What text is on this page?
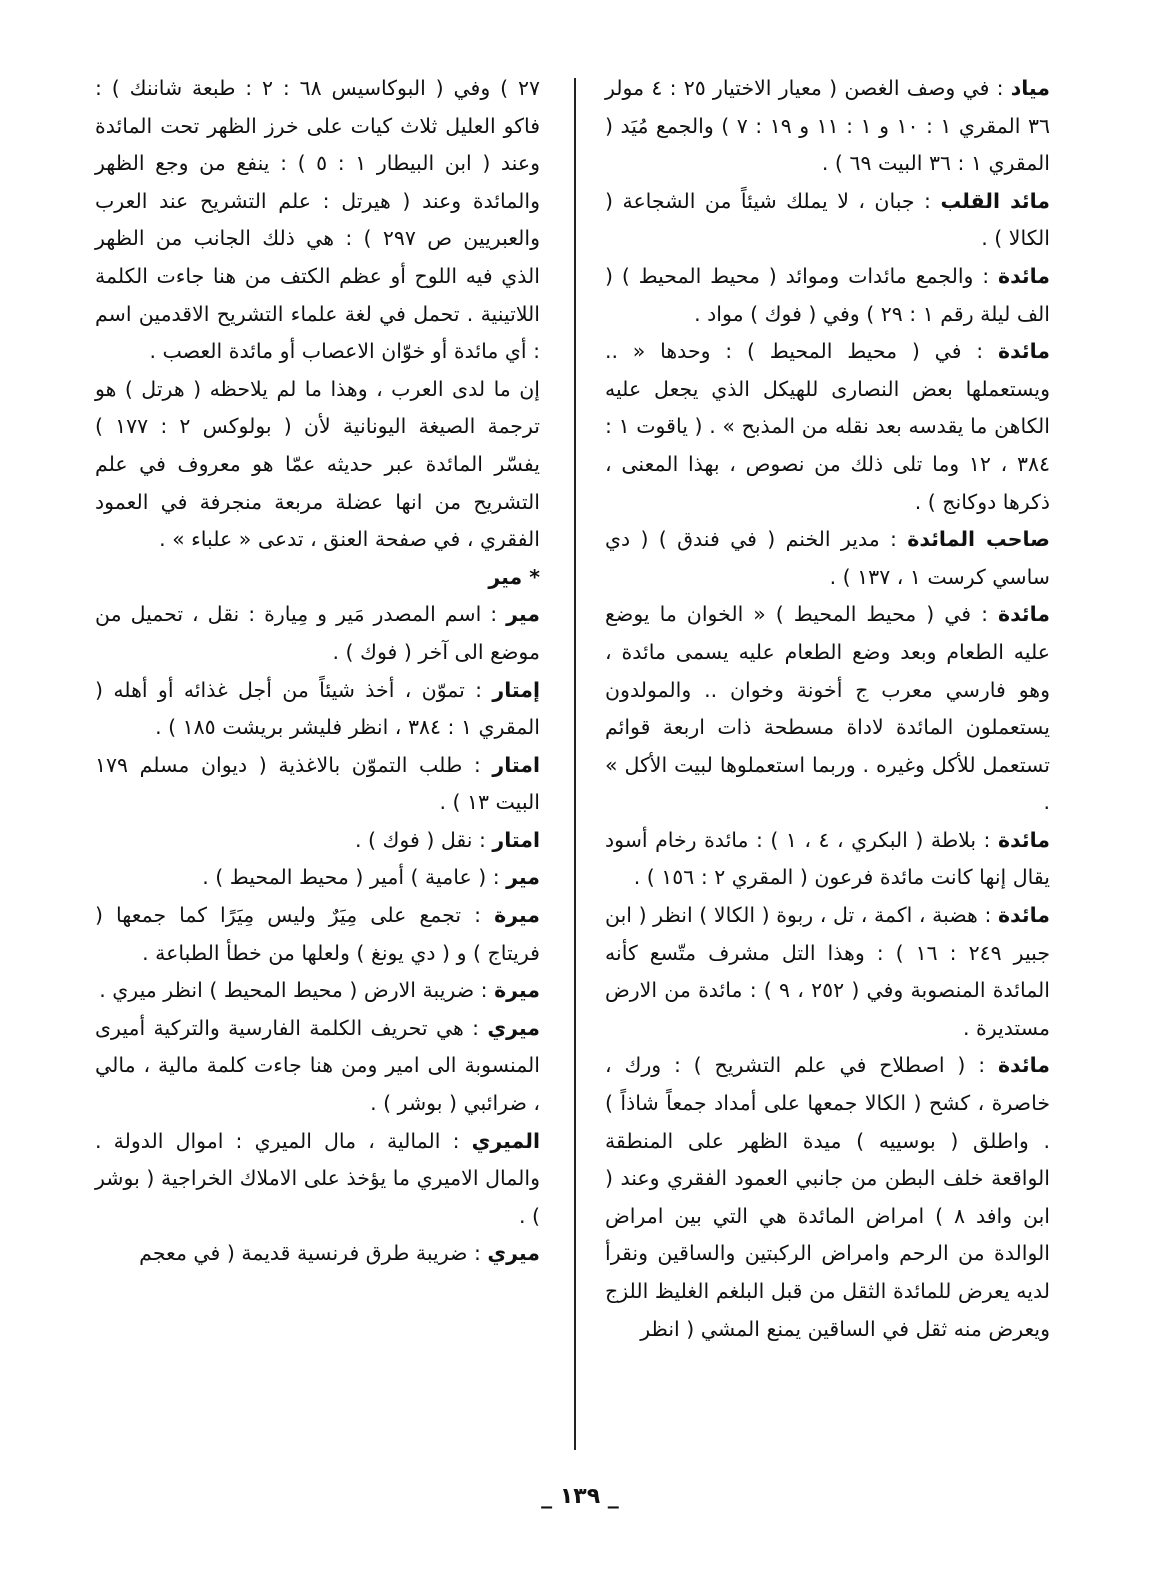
مياد : في وصف الغصن ( معيار الاختيار ٢٥ : ٤ مولر ٣٦ المقري ١ : ١٠ و ١ : ١١ و ١٩ : ٧ ) والجمع مُيَد ( المقري ١ : ٣٦ البيت ٦٩ ) .

مائد القلب : جبان ، لا يملك شيئاً من الشجاعة ( الكالا ) .

مائدة : والجمع مائدات وموائد ( محيط المحيط ) ( الف ليلة رقم ١ : ٢٩ ) وفي ( فوك ) مواد .

مائدة : في ( محيط المحيط ) : وحدها « .. ويستعملها بعض النصارى للهيكل الذي يجعل عليه الكاهن ما يقدسه بعد نقله من المذبح » . ( ياقوت ١ : ٣٨٤ ، ١٢ وما تلى ذلك من نصوص ، بهذا المعنى ، ذكرها دوكانج ) .

صاحب المائدة : مدير الخنم ( في فندق ) ( دي ساسي كرست ١ ، ١٣٧ ) .

مائدة : في ( محيط المحيط ) « الخوان ما يوضع عليه الطعام وبعد وضع الطعام عليه يسمى مائدة ، وهو فارسي معرب ج أخونة وخوان .. والمولدون يستعملون المائدة لاداة مسطحة ذات اربعة قوائم تستعمل للأكل وغيره . وربما استعملوها لبيت الأكل » .

مائدة : بلاطة ( البكري ، ٤ ، ١ ) : مائدة رخام أسود يقال إنها كانت مائدة فرعون ( المقري ٢ : ١٥٦ ) .

مائدة : هضبة ، اكمة ، تل ، ربوة ( الكالا ) انظر ( ابن جبير ٢٤٩ : ١٦ ) : وهذا التل مشرف متّسع كأنه المائدة المنصوبة وفي ( ٢٥٢ ، ٩ ) : مائدة من الارض مستديرة .

مائدة : ( اصطلاح في علم التشريح ) : ورك ، خاصرة ، كشح ( الكالا جمعها على أمداد جمعاً شاذاً ) . واطلق ( بوسييه ) ميدة الظهر على المنطقة الواقعة خلف البطن من جانبي العمود الفقري وعند ( ابن وافد ٨ ) امراض المائدة هي التي بين امراض الوالدة من الرحم وامراض الركبتين والساقين ونقرأ لديه يعرض للمائدة الثقل من قبل البلغم الغليظ اللزج ويعرض منه ثقل في الساقين يمنع المشي ( انظر

٢٧ ) وفي ( البوكاسيس ٦٨ : ٢ : طبعة شاننك ) : فاكو العليل ثلاث كيات على خرز الظهر تحت المائدة وعند ( ابن البيطار ١ : ٥ ) : ينفع من وجع الظهر والمائدة وعند ( هيرتل : علم التشريح عند العرب والعبريين ص ٢٩٧ ) : هي ذلك الجانب من الظهر الذي فيه اللوح أو عظم الكتف من هنا جاءت الكلمة اللاتينية . تحمل في لغة علماء التشريح الاقدمين اسم : أي مائدة أو خوّان الاعصاب أو مائدة العصب .

إن ما لدى العرب ، وهذا ما لم يلاحظه ( هرتل ) هو ترجمة الصيغة اليونانية لأن ( بولوكس ٢ : ١٧٧ ) يفسّر المائدة عبر حديثه عمّا هو معروف في علم التشريح من انها عضلة مربعة منجرفة في العمود الفقري ، في صفحة العنق ، تدعى « علباء » .

* مير

مير : اسم المصدر مَير و مِيارة : نقل ، تحميل من موضع الى آخر ( فوك ) .

إمتار : تموّن ، أخذ شيئاً من أجل غذائه أو أهله ( المقري ١ : ٣٨٤ ، انظر فليشر بريشت ١٨٥ ) .

امتار : طلب التموّن بالاغذية ( ديوان مسلم ١٧٩ البيت ١٣ ) .

امتار : نقل ( فوك ) .

مير : ( عامية ) أمير ( محيط المحيط ) .

ميرة : تجمع على مِيَرٌ وليس مِيَرًا كما جمعها ( فريتاج ) و ( دي يونغ ) ولعلها من خطأ الطباعة .

ميرة : ضريبة الارض ( محيط المحيط ) انظر ميري .

ميري : هي تحريف الكلمة الفارسية والتركية أميرى المنسوبة الى امير ومن هنا جاءت كلمة مالية ، مالي ، ضرائبي ( بوشر ) .

الميري : المالية ، مال الميري : اموال الدولة . والمال الاميري ما يؤخذ على الاملاك الخراجية ( بوشر ) .

ميري : ضريبة طرق فرنسية قديمة ( في معجم

_ ١٣٩ _
